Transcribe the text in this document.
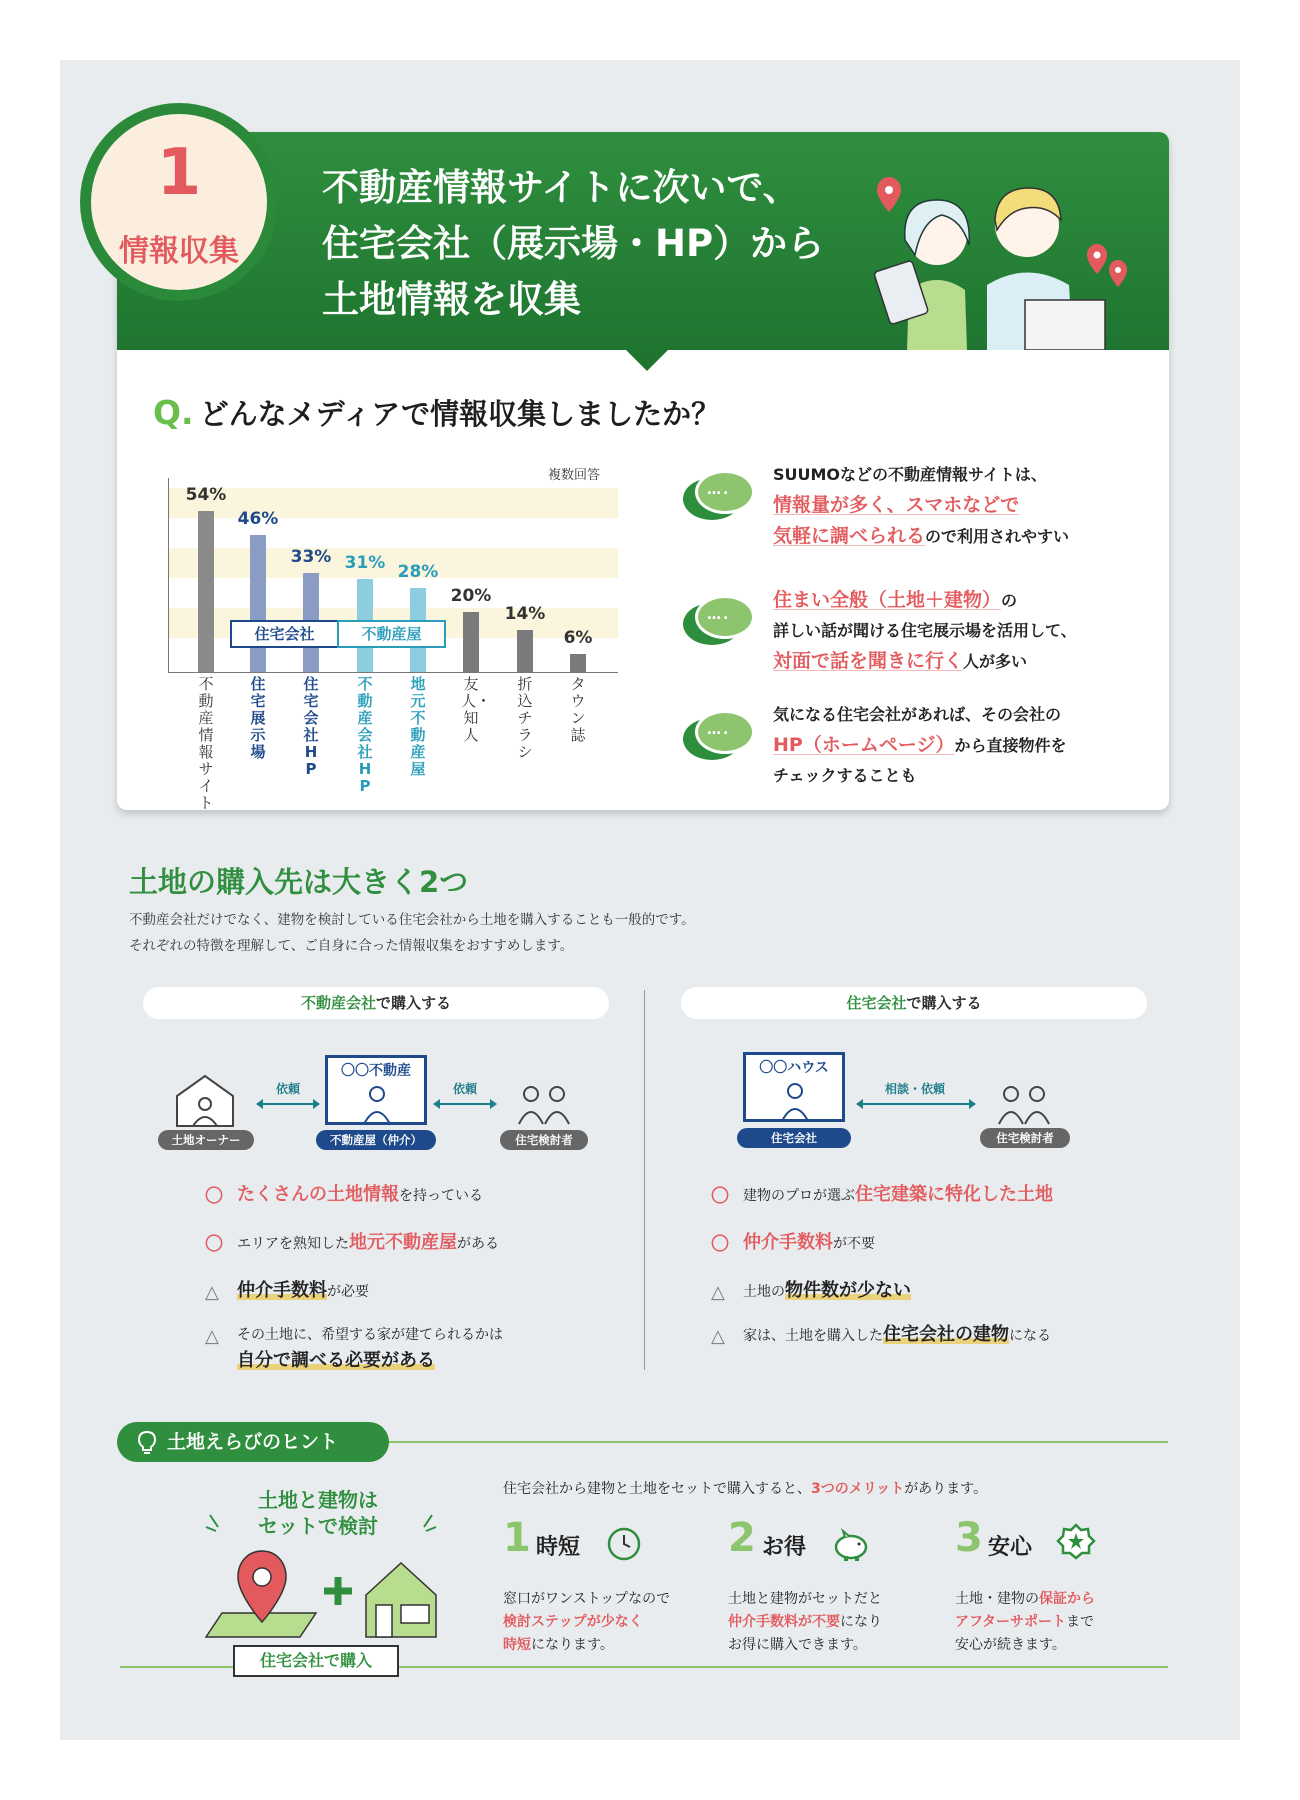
1
情報収集
不動産情報サイトに次いで、
住宅会社（展示場・HP）から
土地情報を収集
Q. どんなメディアで情報収集しましたか？
複数回答
不動産情報サイト
住宅展示場
住宅会社HP
不動産会社HP
地元不動産屋
友人・知人
折込チラシ
タウン誌
….
….
….
SUUMOなどの不動産情報サイトは、
情報量が多く、スマホなどで
気軽に調べられるので利用されやすい
住まい全般（土地＋建物）の
詳しい話が聞ける住宅展示場を活用して、
対面で話を聞きに行く人が多い
気になる住宅会社があれば、その会社の
HP（ホームページ）から直接物件を
チェックすることも
土地の購入先は大きく2つ
不動産会社だけでなく、建物を検討している住宅会社から土地を購入することも一般的です。
それぞれの特徴を理解して、ご自身に合った情報収集をおすすめします。
不動産会社で購入する	住宅会社で購入する
土地オーナー
依頼
〇〇不動産
不動産屋（仲介）
依頼
住宅検討者
〇〇ハウス
住宅会社
相談・依頼
住宅検討者
〇 たくさんの土地情報を持っている
〇 エリアを熟知した地元不動産屋がある
△ 仲介手数料が必要
△ その土地に、希望する家が建てられるかは
自分で調べる必要がある
〇 建物のプロが選ぶ住宅建築に特化した土地
〇 仲介手数料が不要
△ 土地の物件数が少ない
△ 家は、土地を購入した住宅会社の建物になる
土地えらびのヒント
土地と建物は
セットで検討
住宅会社で購入
住宅会社から建物と土地をセットで購入すると、3つのメリットがあります。
1 時短
窓口がワンストップなので
検討ステップが少なく
時短になります。
2 お得
土地と建物がセットだと
仲介手数料が不要になり
お得に購入できます。
3 安心
土地・建物の保証から
アフターサポートまで
安心が続きます。
54%
46%
33% 31% 28%
20%
14%
6%
住宅会社	不動産屋
